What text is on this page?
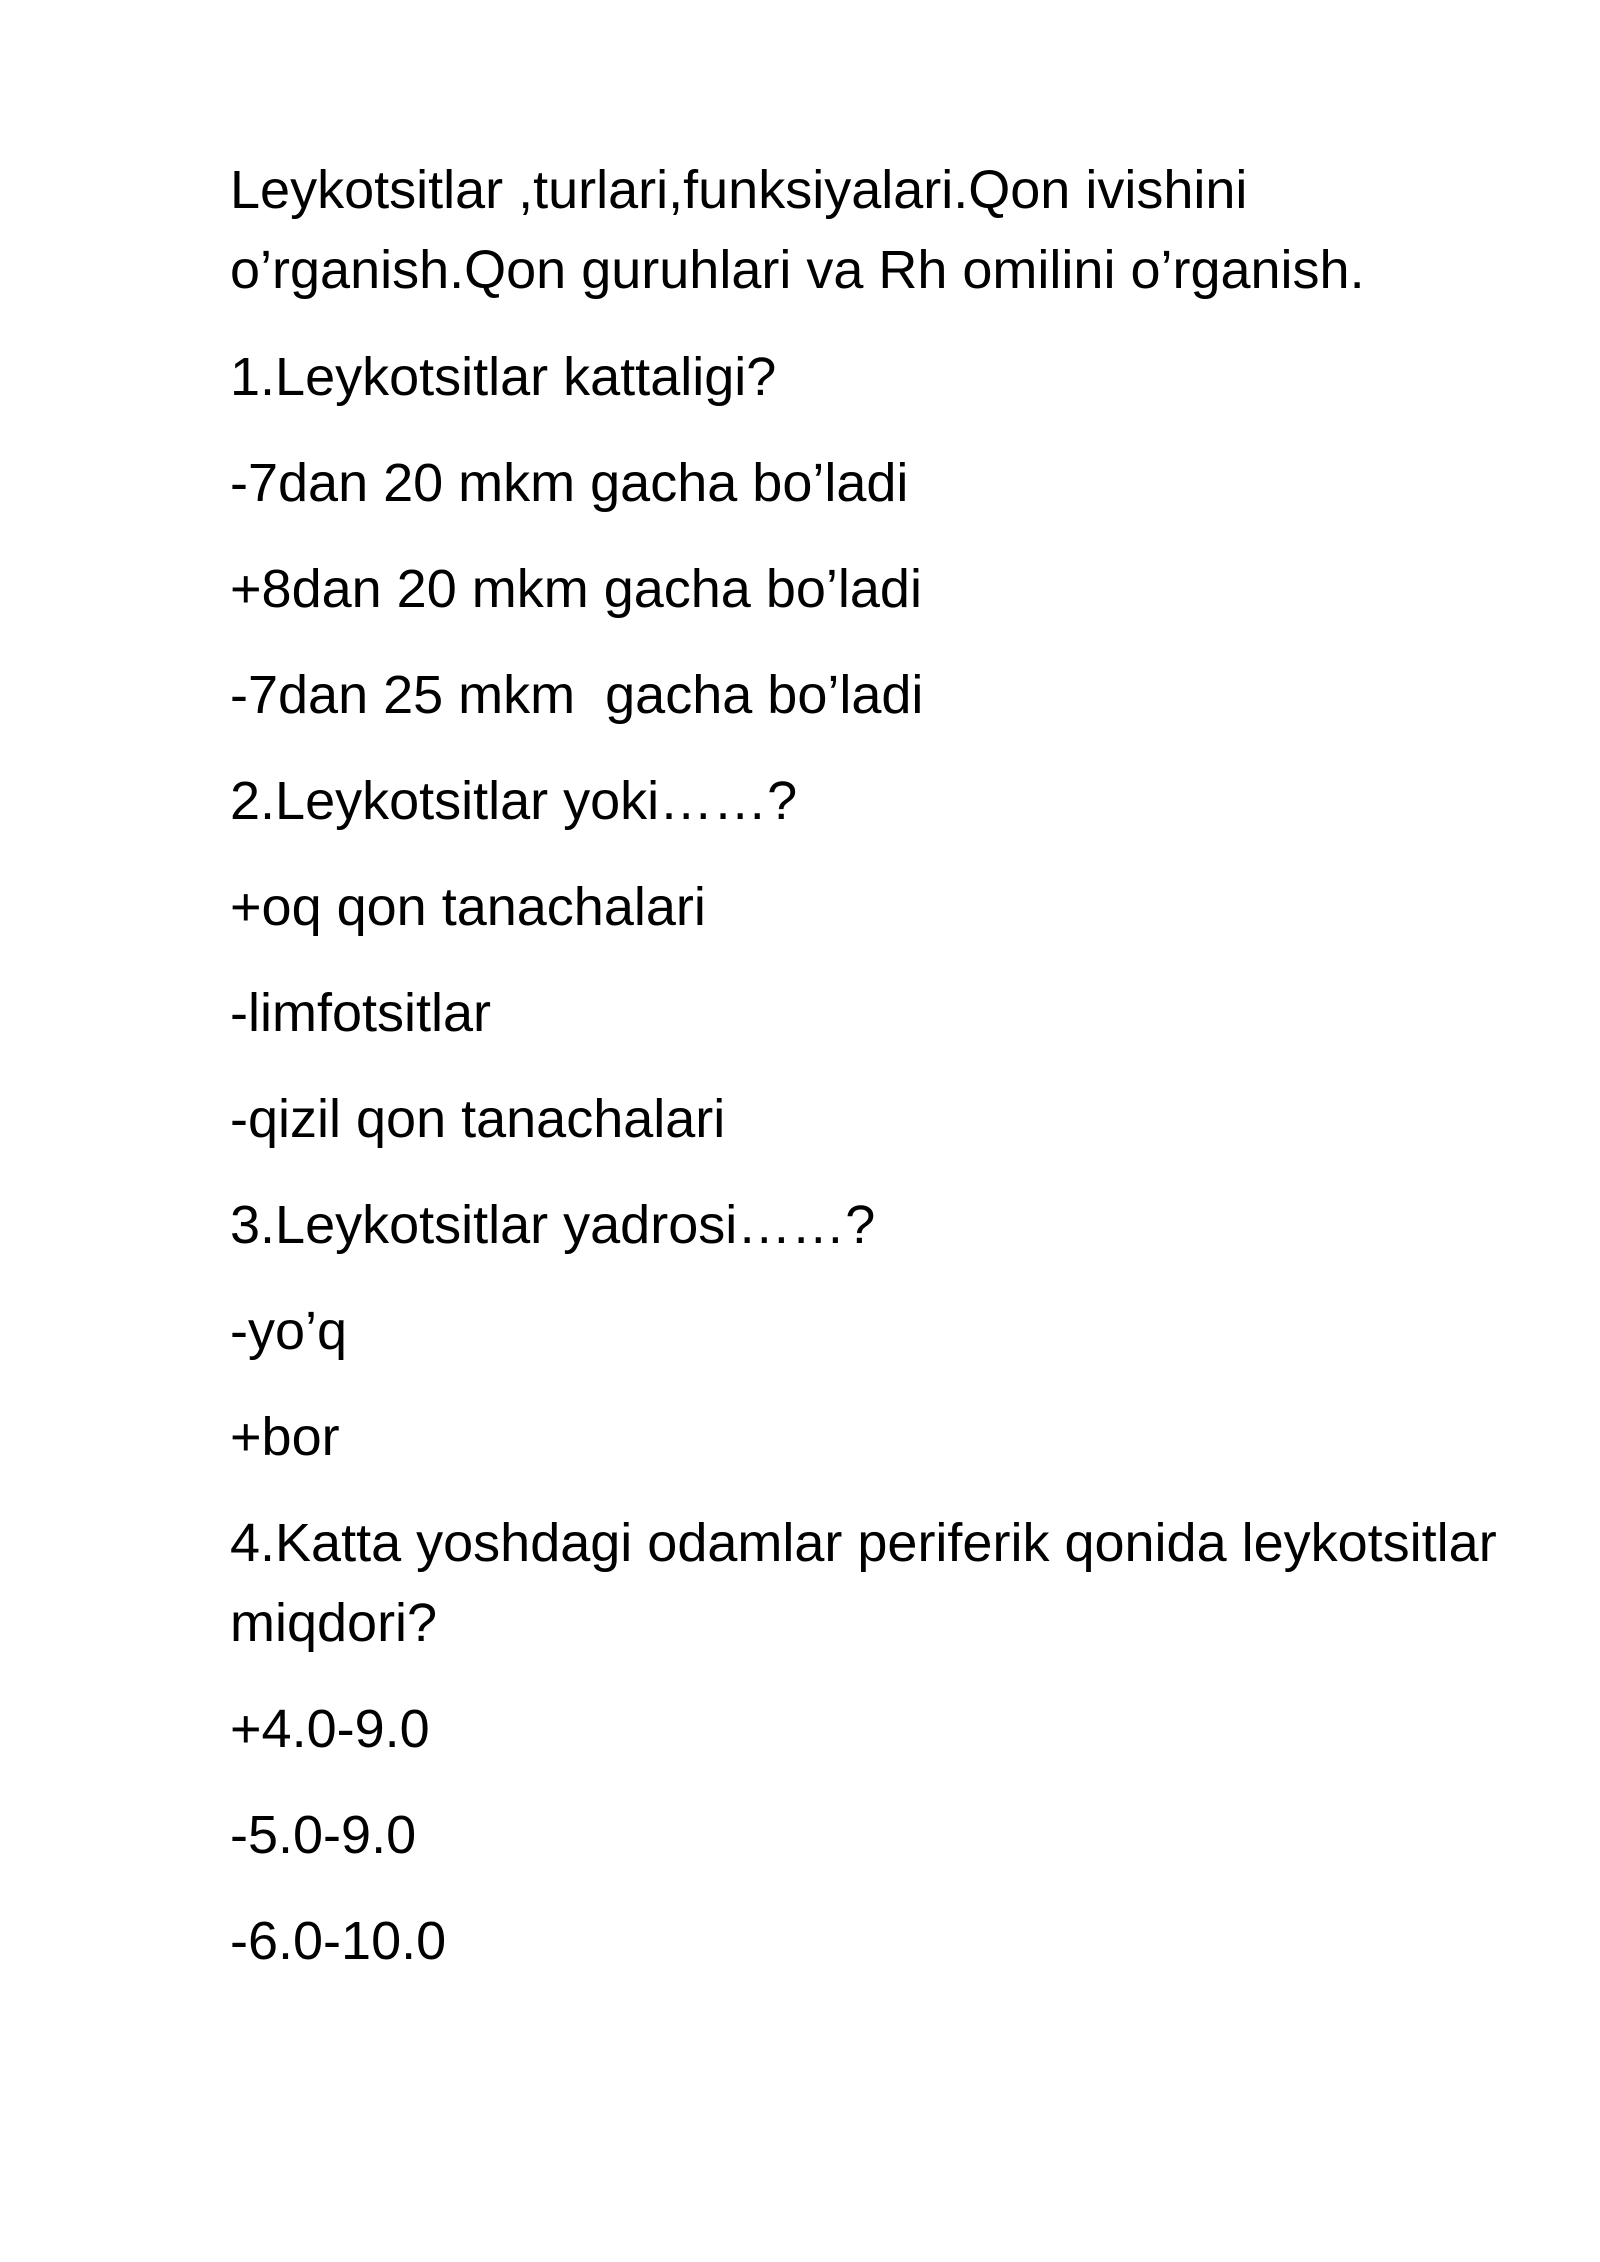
Leykotsitlar ,turlari,funksiyalari.Qon ivishini o’rganish.Qon guruhlari va Rh omilini o’rganish.

1.Leykotsitlar kattaligi?

-7dan 20 mkm gacha bo’ladi

+8dan 20 mkm gacha bo’ladi

-7dan 25 mkm  gacha bo’ladi

2.Leykotsitlar yoki……?

+oq qon tanachalari

-limfotsitlar

-qizil qon tanachalari

3.Leykotsitlar yadrosi……?

-yo’q

+bor

4.Katta yoshdagi odamlar periferik qonida leykotsitlar miqdori?

+4.0-9.0

-5.0-9.0

-6.0-10.0
